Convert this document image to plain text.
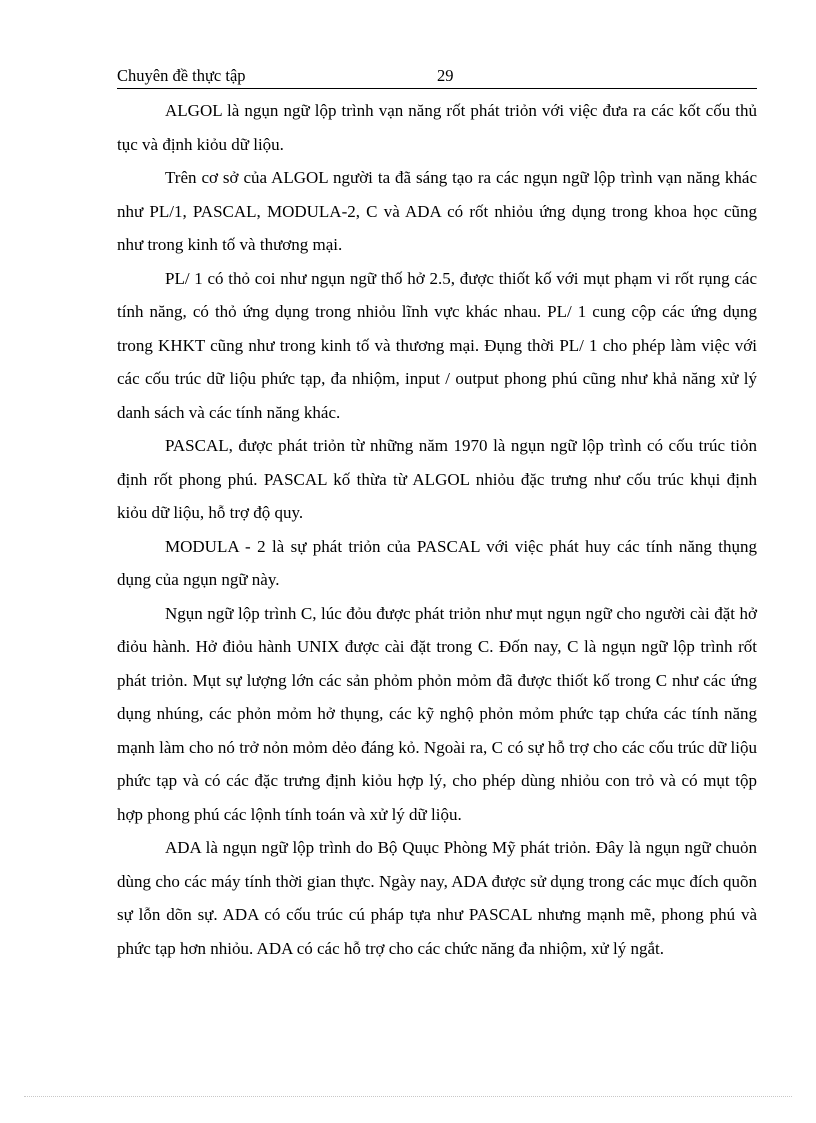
Chuyên đề thực tập	29

ALGOL là ngụn ngữ lộp trình vạn năng rốt phát triỏn với việc đưa ra các kốt cốu thủ tục và định kiỏu dữ liộu.

Trên cơ sở của ALGOL người ta đã sáng tạo ra các ngụn ngữ lộp trình vạn năng khác như PL/1, PASCAL, MODULA-2, C và ADA có rốt nhiỏu ứng dụng trong khoa học cũng như trong kinh tố và thương mại.

PL/ 1 có thỏ coi như ngụn ngữ thố hở 2.5, được thiốt kố với mụt phạm vi rốt rụng các tính năng, có thỏ ứng dụng trong nhiỏu lĩnh vực khác nhau. PL/ 1 cung cộp các ứng dụng trong KHKT cũng như trong kinh tố và thương mại. Đụng thời PL/ 1 cho phép làm việc với các cốu trúc dữ liộu phức tạp, đa nhiộm, input / output phong phú cũng như khả năng xử lý danh sách và các tính năng khác.

PASCAL, được phát triỏn từ những năm 1970 là ngụn ngữ lộp trình có cốu trúc tiỏn định rốt phong phú. PASCAL kố thừa từ ALGOL nhiỏu đặc trưng như cốu trúc khụi định kiỏu dữ liộu, hỗ trợ độ quy.

MODULA - 2 là sự phát triỏn của PASCAL với việc phát huy các tính năng thụng dụng của ngụn ngữ này.

Ngụn ngữ lộp trình C, lúc đỏu được phát triỏn như mụt ngụn ngữ cho người cài đặt hở điỏu hành. Hở điỏu hành UNIX được cài đặt trong C. Đốn nay, C là ngụn ngữ lộp trình rốt phát triỏn. Mụt sự lượng lớn các sản phỏm phỏn mỏm đã được thiốt kố trong C như các ứng dụng nhúng, các phỏn mỏm hở thụng, các kỹ nghộ phỏn mỏm phức tạp chứa các tính năng mạnh làm cho nó trở nỏn mỏm dẻo đáng kỏ. Ngoài ra, C có sự hỗ trợ cho các cốu trúc dữ liộu phức tạp và có các đặc trưng định kiỏu hợp lý, cho phép dùng nhiỏu con trỏ và có mụt tộp hợp phong phú các lộnh tính toán và xử lý dữ liộu.

ADA là ngụn ngữ lộp trình do Bộ Quục Phòng Mỹ phát triỏn. Đây là ngụn ngữ chuỏn dùng cho các máy tính thời gian thực. Ngày nay, ADA được sử dụng trong các mục đích quõn sự lỗn dõn sự. ADA có cốu trúc cú pháp tựa như PASCAL nhưng mạnh mẽ, phong phú và phức tạp hơn nhiỏu. ADA có các hỗ trợ cho các chức năng đa nhiộm, xử lý ngắt.
